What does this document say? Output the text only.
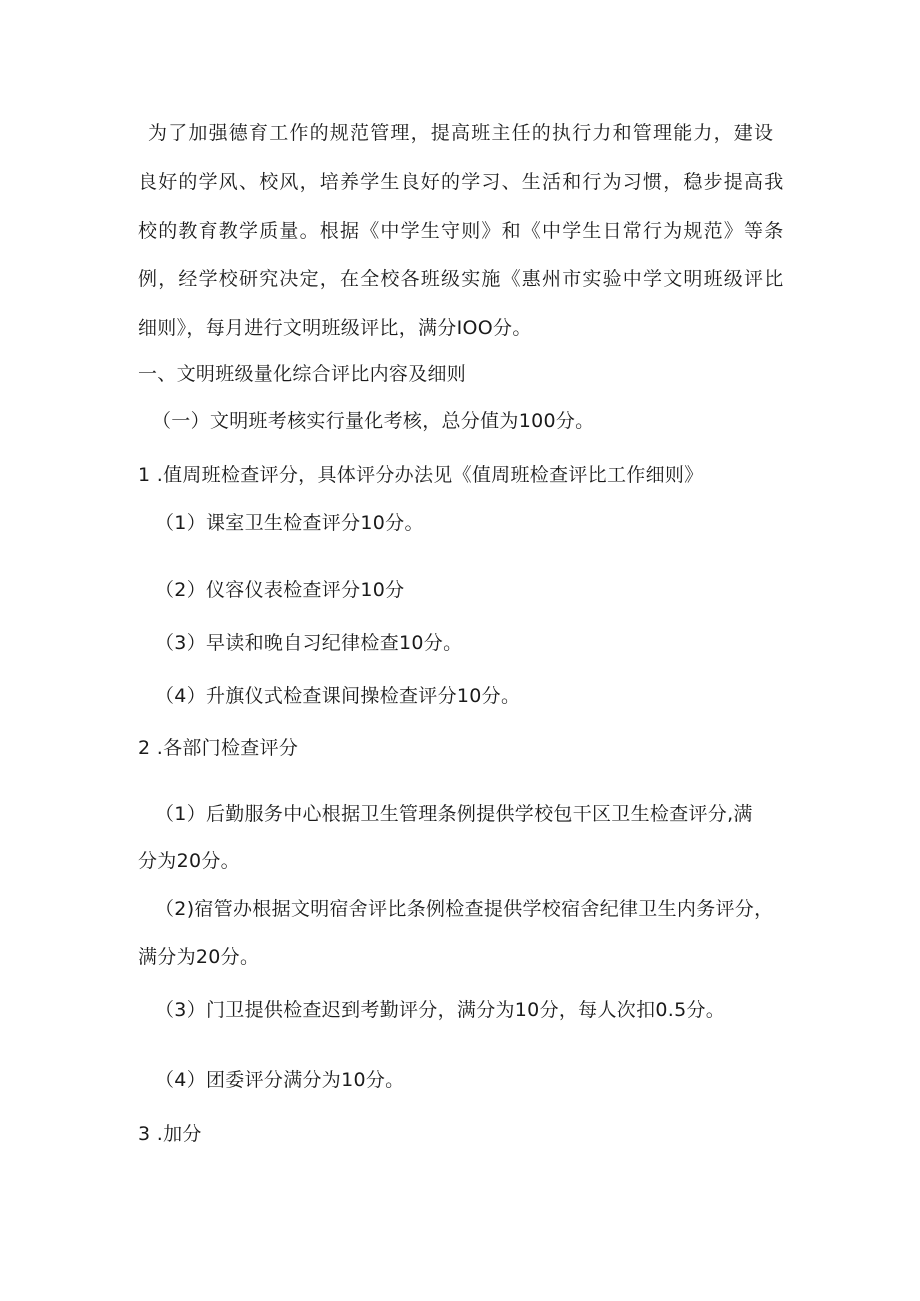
为了加强德育工作的规范管理，提高班主任的执行力和管理能力，建设
良好的学风、校风，培养学生良好的学习、生活和行为习惯，稳步提高我
校的教育教学质量。根据《中学生守则》和《中学生日常行为规范》等条
例，经学校研究决定，在全校各班级实施《惠州市实验中学文明班级评比
细则》，每月进行文明班级评比，满分IOO分。
一、文明班级量化综合评比内容及细则
（一）文明班考核实行量化考核，总分值为100分。
1 .值周班检查评分，具体评分办法见《值周班检查评比工作细则》
（1）课室卫生检查评分10分。
（2）仪容仪表检查评分10分
（3）早读和晚自习纪律检查10分。
（4）升旗仪式检查课间操检查评分10分。
2 .各部门检查评分
（1）后勤服务中心根据卫生管理条例提供学校包干区卫生检查评分,满
分为20分。
（2)宿管办根据文明宿舍评比条例检查提供学校宿舍纪律卫生内务评分，
满分为20分。
（3）门卫提供检查迟到考勤评分，满分为10分，每人次扣0.5分。
（4）团委评分满分为10分。
3 .加分
